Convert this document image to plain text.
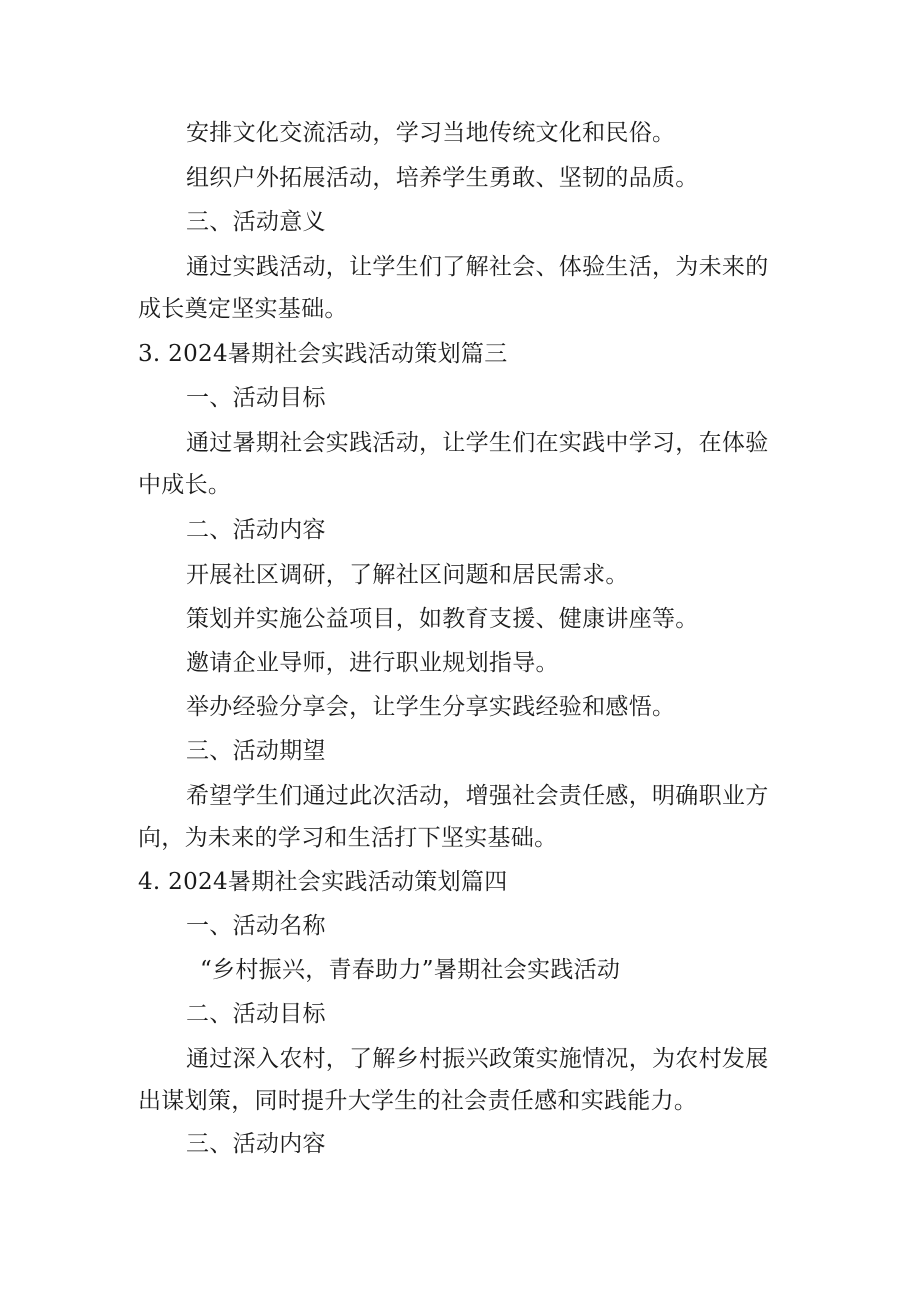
安排文化交流活动，学习当地传统文化和民俗。
组织户外拓展活动，培养学生勇敢、坚韧的品质。
三、活动意义
通过实践活动，让学生们了解社会、体验生活，为未来的成长奠定坚实基础。
3. 2024暑期社会实践活动策划篇三
一、活动目标
通过暑期社会实践活动，让学生们在实践中学习，在体验中成长。
二、活动内容
开展社区调研，了解社区问题和居民需求。
策划并实施公益项目，如教育支援、健康讲座等。
邀请企业导师，进行职业规划指导。
举办经验分享会，让学生分享实践经验和感悟。
三、活动期望
希望学生们通过此次活动，增强社会责任感，明确职业方向，为未来的学习和生活打下坚实基础。
4. 2024暑期社会实践活动策划篇四
一、活动名称
“乡村振兴，青春助力”暑期社会实践活动
二、活动目标
通过深入农村，了解乡村振兴政策实施情况，为农村发展出谋划策，同时提升大学生的社会责任感和实践能力。
三、活动内容
